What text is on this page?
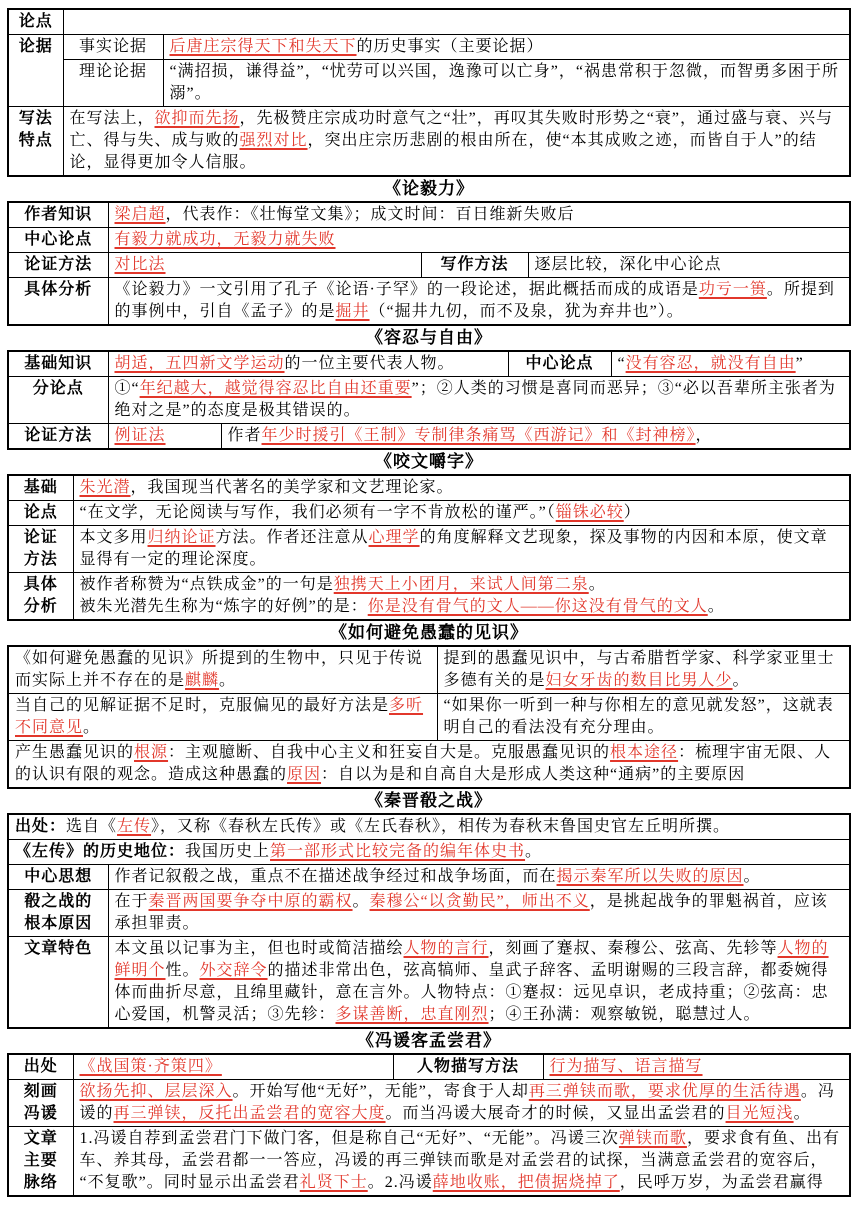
论点		
论据	事实论据	后唐庄宗得天下和失天下的历史事实（主要论据）
	理论论据	“满招损，谦得益”，“忧劳可以兴国，逸豫可以亡身”，“祸患常积于忽微，而智勇多困于所溺”。
写法
特点	在写法上，欲抑而先扬，先极赞庄宗成功时意气之“壮”，再叹其失败时形势之“衰”，通过盛与衰、兴与亡、得与失、成与败的强烈对比，突出庄宗历悲剧的根由所在，使“本其成败之迹，而皆自于人”的结论，显得更加令人信服。	
《论毅力》
作者知识	梁启超，代表作：《壮悔堂文集》；成文时间：百日维新失败后		
中心论点	有毅力就成功，无毅力就失败		
论证方法	对比法	写作方法	逐层比较，深化中心论点
具体分析	《论毅力》一文引用了孔子《论语·子罕》的一段论述，据此概括而成的成语是功亏一篑。所提到的事例中，引自《孟子》的是掘井（“掘井九仞，而不及泉，犹为弃井也”）。		
《容忍与自由》
基础知识	胡适，五四新文学运动的一位主要代表人物。		中心论点	“没有容忍，就没有自由”
分论点	①“年纪越大，越觉得容忍比自由还重要”；②人类的习惯是喜同而恶异；③“必以吾辈所主张者为绝对之是”的态度是极其错误的。			
论证方法	例证法	作者年少时援引《王制》专制律条痛骂《西游记》和《封神榜》，		
《咬文嚼字》
基础	朱光潜，我国现当代著名的美学家和文艺理论家。
论点	“在文学，无论阅读与写作，我们必须有一字不肯放松的谨严。”（锱铢必较）
论证
方法	本文多用归纳论证方法。作者还注意从心理学的角度解释文艺现象，探及事物的内因和本原，使文章显得有一定的理论深度。
具体
分析	被作者称赞为“点铁成金”的一句是独携天上小团月，来试人间第二泉。
被朱光潜先生称为“炼字的好例”的是：你是没有骨气的文人——你这没有骨气的文人。
《如何避免愚蠢的见识》
《如何避免愚蠢的见识》所提到的生物中，只见于传说而实际上并不存在的是麒麟。	提到的愚蠢见识中，与古希腊哲学家、科学家亚里士多德有关的是妇女牙齿的数目比男人少。
当自己的见解证据不足时，克服偏见的最好方法是多听不同意见。	“如果你一听到一种与你相左的意见就发怒”，这就表明自己的看法没有充分理由。
产生愚蠢见识的根源：主观臆断、自我中心主义和狂妄自大是。克服愚蠢见识的根本途径：梳理宇宙无限、人的认识有限的观念。造成这种愚蠢的原因：自以为是和自高自大是形成人类这种“通病”的主要原因	
《秦晋殽之战》
出处：选自《左传》，又称《春秋左氏传》或《左氏春秋》，相传为春秋末鲁国史官左丘明所撰。	
《左传》的历史地位：我国历史上第一部形式比较完备的编年体史书。	
中心思想	作者记叙殽之战，重点不在描述战争经过和战争场面，而在揭示秦军所以失败的原因。
殽之战的
根本原因	在于秦晋两国要争夺中原的霸权。秦穆公“以贪勤民”，师出不义，是挑起战争的罪魁祸首，应该承担罪责。
文章特色	本文虽以记事为主，但也时或简洁描绘人物的言行，刻画了蹇叔、秦穆公、弦高、先轸等人物的鲜明个性。外交辞令的描述非常出色，弦高犒师、皇武子辞客、孟明谢赐的三段言辞，都委婉得体而曲折尽意，且绵里藏针，意在言外。人物特点：①蹇叔：远见卓识，老成持重；②弦高：忠心爱国，机警灵活；③先轸：多谋善断，忠直刚烈；④王孙满：观察敏锐，聪慧过人。
《冯谖客孟尝君》
出处	《战国策·齐策四》	人物描写方法	行为描写、语言描写
刻画
冯谖	欲扬先抑、层层深入。开始写他“无好”，无能”，寄食于人却再三弹铗而歌，要求优厚的生活待遇。冯谖的再三弹铗，反托出孟尝君的宽容大度。而当冯谖大展奇才的时候，又显出孟尝君的目光短浅。		
文章
主要
脉络	1.冯谖自荐到孟尝君门下做门客，但是称自己“无好”、“无能”。冯谖三次弹铗而歌，要求食有鱼、出有车、养其母，孟尝君都一一答应，冯谖的再三弹铗而歌是对孟尝君的试探，当满意孟尝君的宽容后，“不复歌”。同时显示出孟尝君礼贤下士。2.冯谖薛地收账，把债据烧掉了，民呼万岁，为孟尝君赢得		
